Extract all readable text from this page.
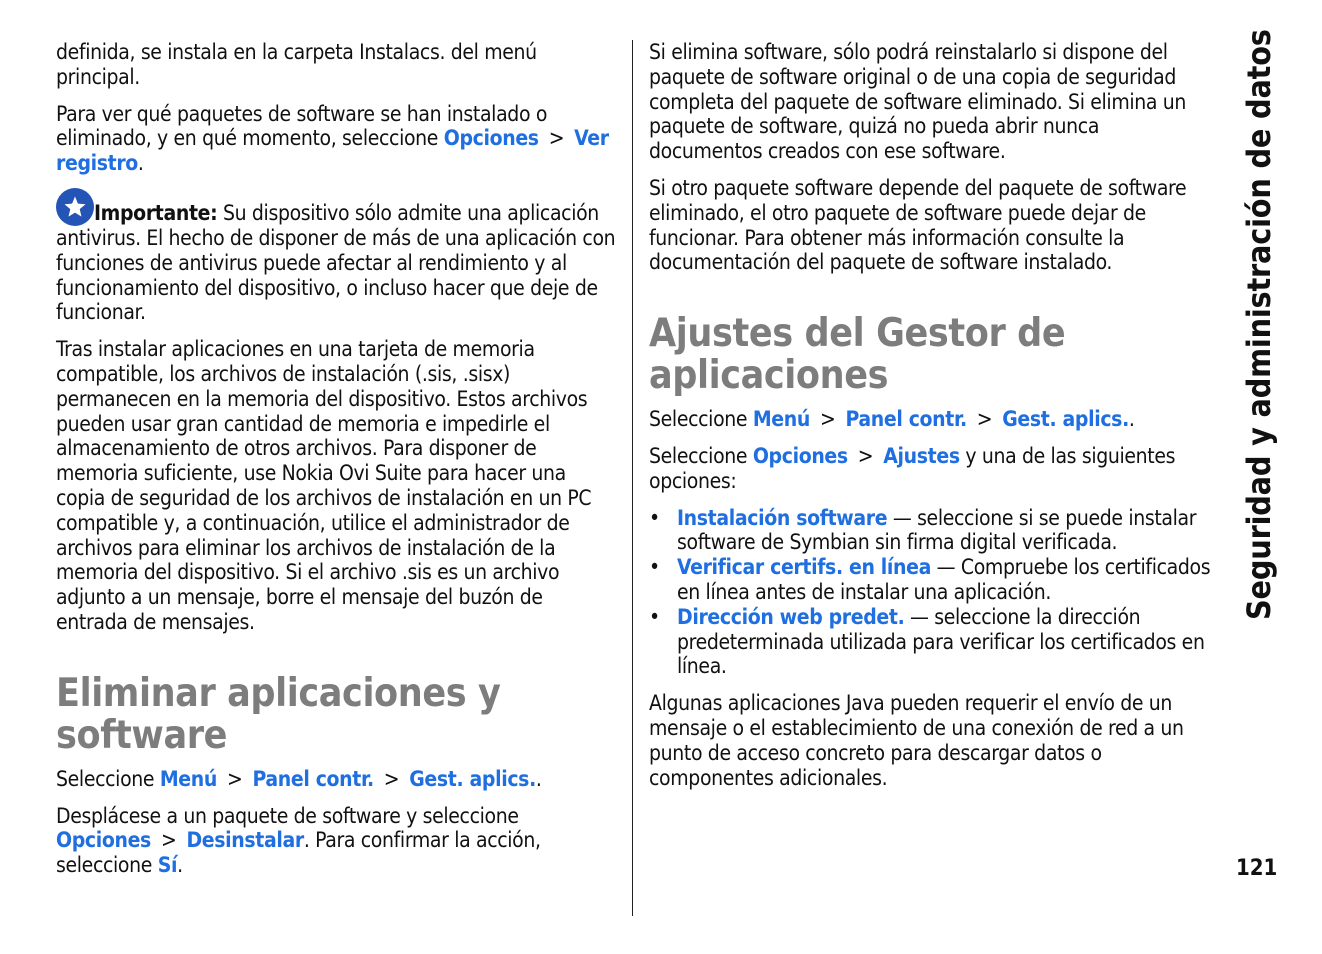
definida, se instala en la carpeta Instalacs. del menú principal.

Para ver qué paquetes de software se han instalado o eliminado, y en qué momento, seleccione Opciones > Ver registro.

Importante: Su dispositivo sólo admite una aplicación antivirus. El hecho de disponer de más de una aplicación con funciones de antivirus puede afectar al rendimiento y al funcionamiento del dispositivo, o incluso hacer que deje de funcionar.

Tras instalar aplicaciones en una tarjeta de memoria compatible, los archivos de instalación (.sis, .sisx) permanecen en la memoria del dispositivo. Estos archivos pueden usar gran cantidad de memoria e impedirle el almacenamiento de otros archivos. Para disponer de memoria suficiente, use Nokia Ovi Suite para hacer una copia de seguridad de los archivos de instalación en un PC compatible y, a continuación, utilice el administrador de archivos para eliminar los archivos de instalación de la memoria del dispositivo. Si el archivo .sis es un archivo adjunto a un mensaje, borre el mensaje del buzón de entrada de mensajes.

Eliminar aplicaciones y software

Seleccione Menú > Panel contr. > Gest. aplics..

Desplácese a un paquete de software y seleccione Opciones > Desinstalar. Para confirmar la acción, seleccione Sí.

Si elimina software, sólo podrá reinstalarlo si dispone del paquete de software original o de una copia de seguridad completa del paquete de software eliminado. Si elimina un paquete de software, quizá no pueda abrir nunca documentos creados con ese software.

Si otro paquete software depende del paquete de software eliminado, el otro paquete de software puede dejar de funcionar. Para obtener más información consulte la documentación del paquete de software instalado.

Ajustes del Gestor de aplicaciones

Seleccione Menú > Panel contr. > Gest. aplics..

Seleccione Opciones > Ajustes y una de las siguientes opciones:

• Instalación software — seleccione si se puede instalar software de Symbian sin firma digital verificada.
• Verificar certifs. en línea — Compruebe los certificados en línea antes de instalar una aplicación.
• Dirección web predet. — seleccione la dirección predeterminada utilizada para verificar los certificados en línea.

Algunas aplicaciones Java pueden requerir el envío de un mensaje o el establecimiento de una conexión de red a un punto de acceso concreto para descargar datos o componentes adicionales.

Seguridad y administración de datos
121
